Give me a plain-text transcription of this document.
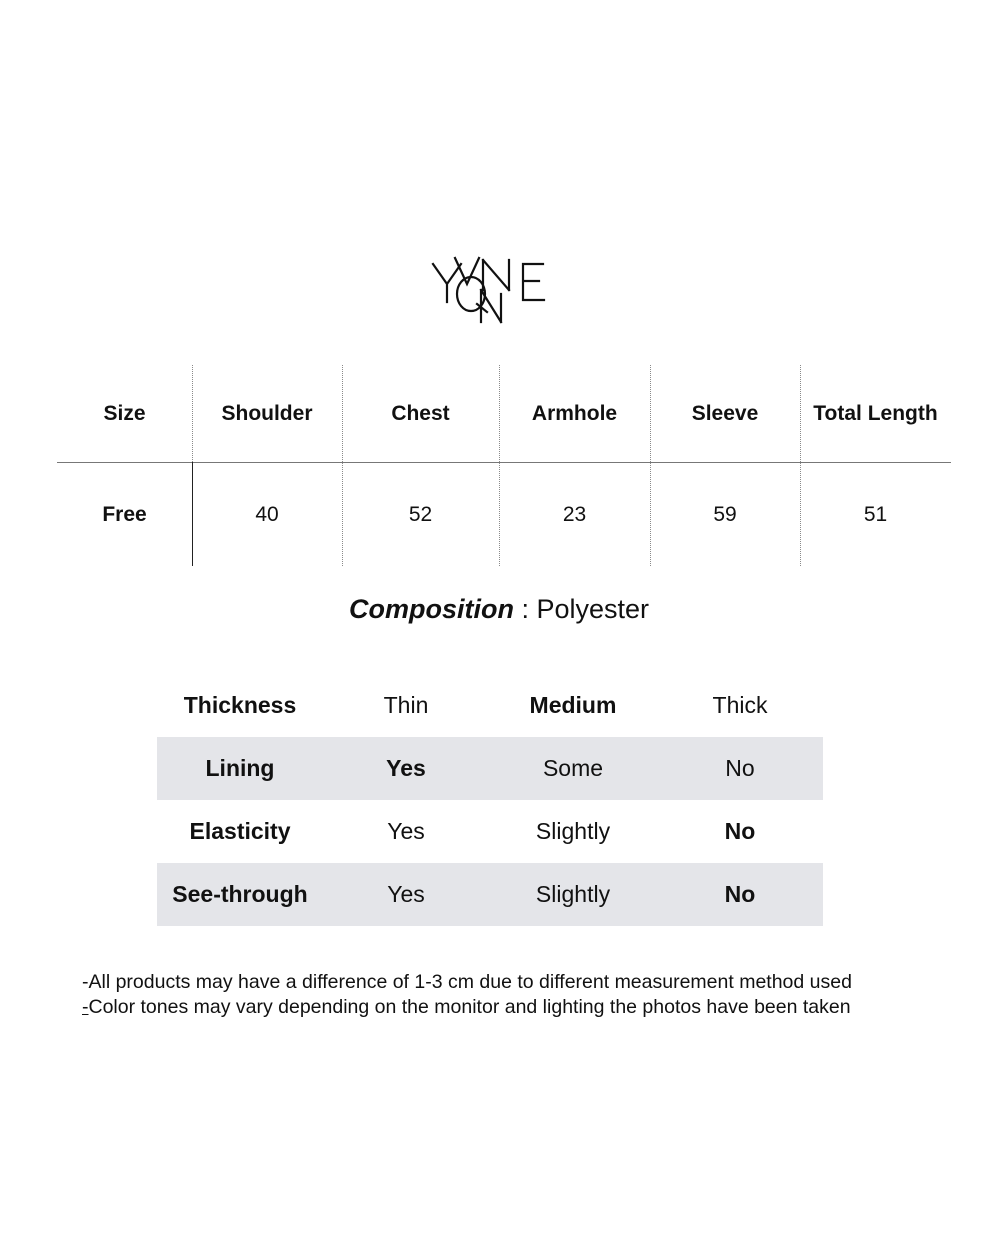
Size	Shoulder	Chest	Armhole	Sleeve	Total Length
Free	40	52	23	59	51
Composition : Polyester
Thickness	Thin	Medium	Thick
Lining	Yes	Some	No
Elasticity	Yes	Slightly	No
See-through	Yes	Slightly	No
-All products may have a difference of 1-3 cm due to different measurement method used
-Color tones may vary depending on the monitor and lighting the photos have been taken
